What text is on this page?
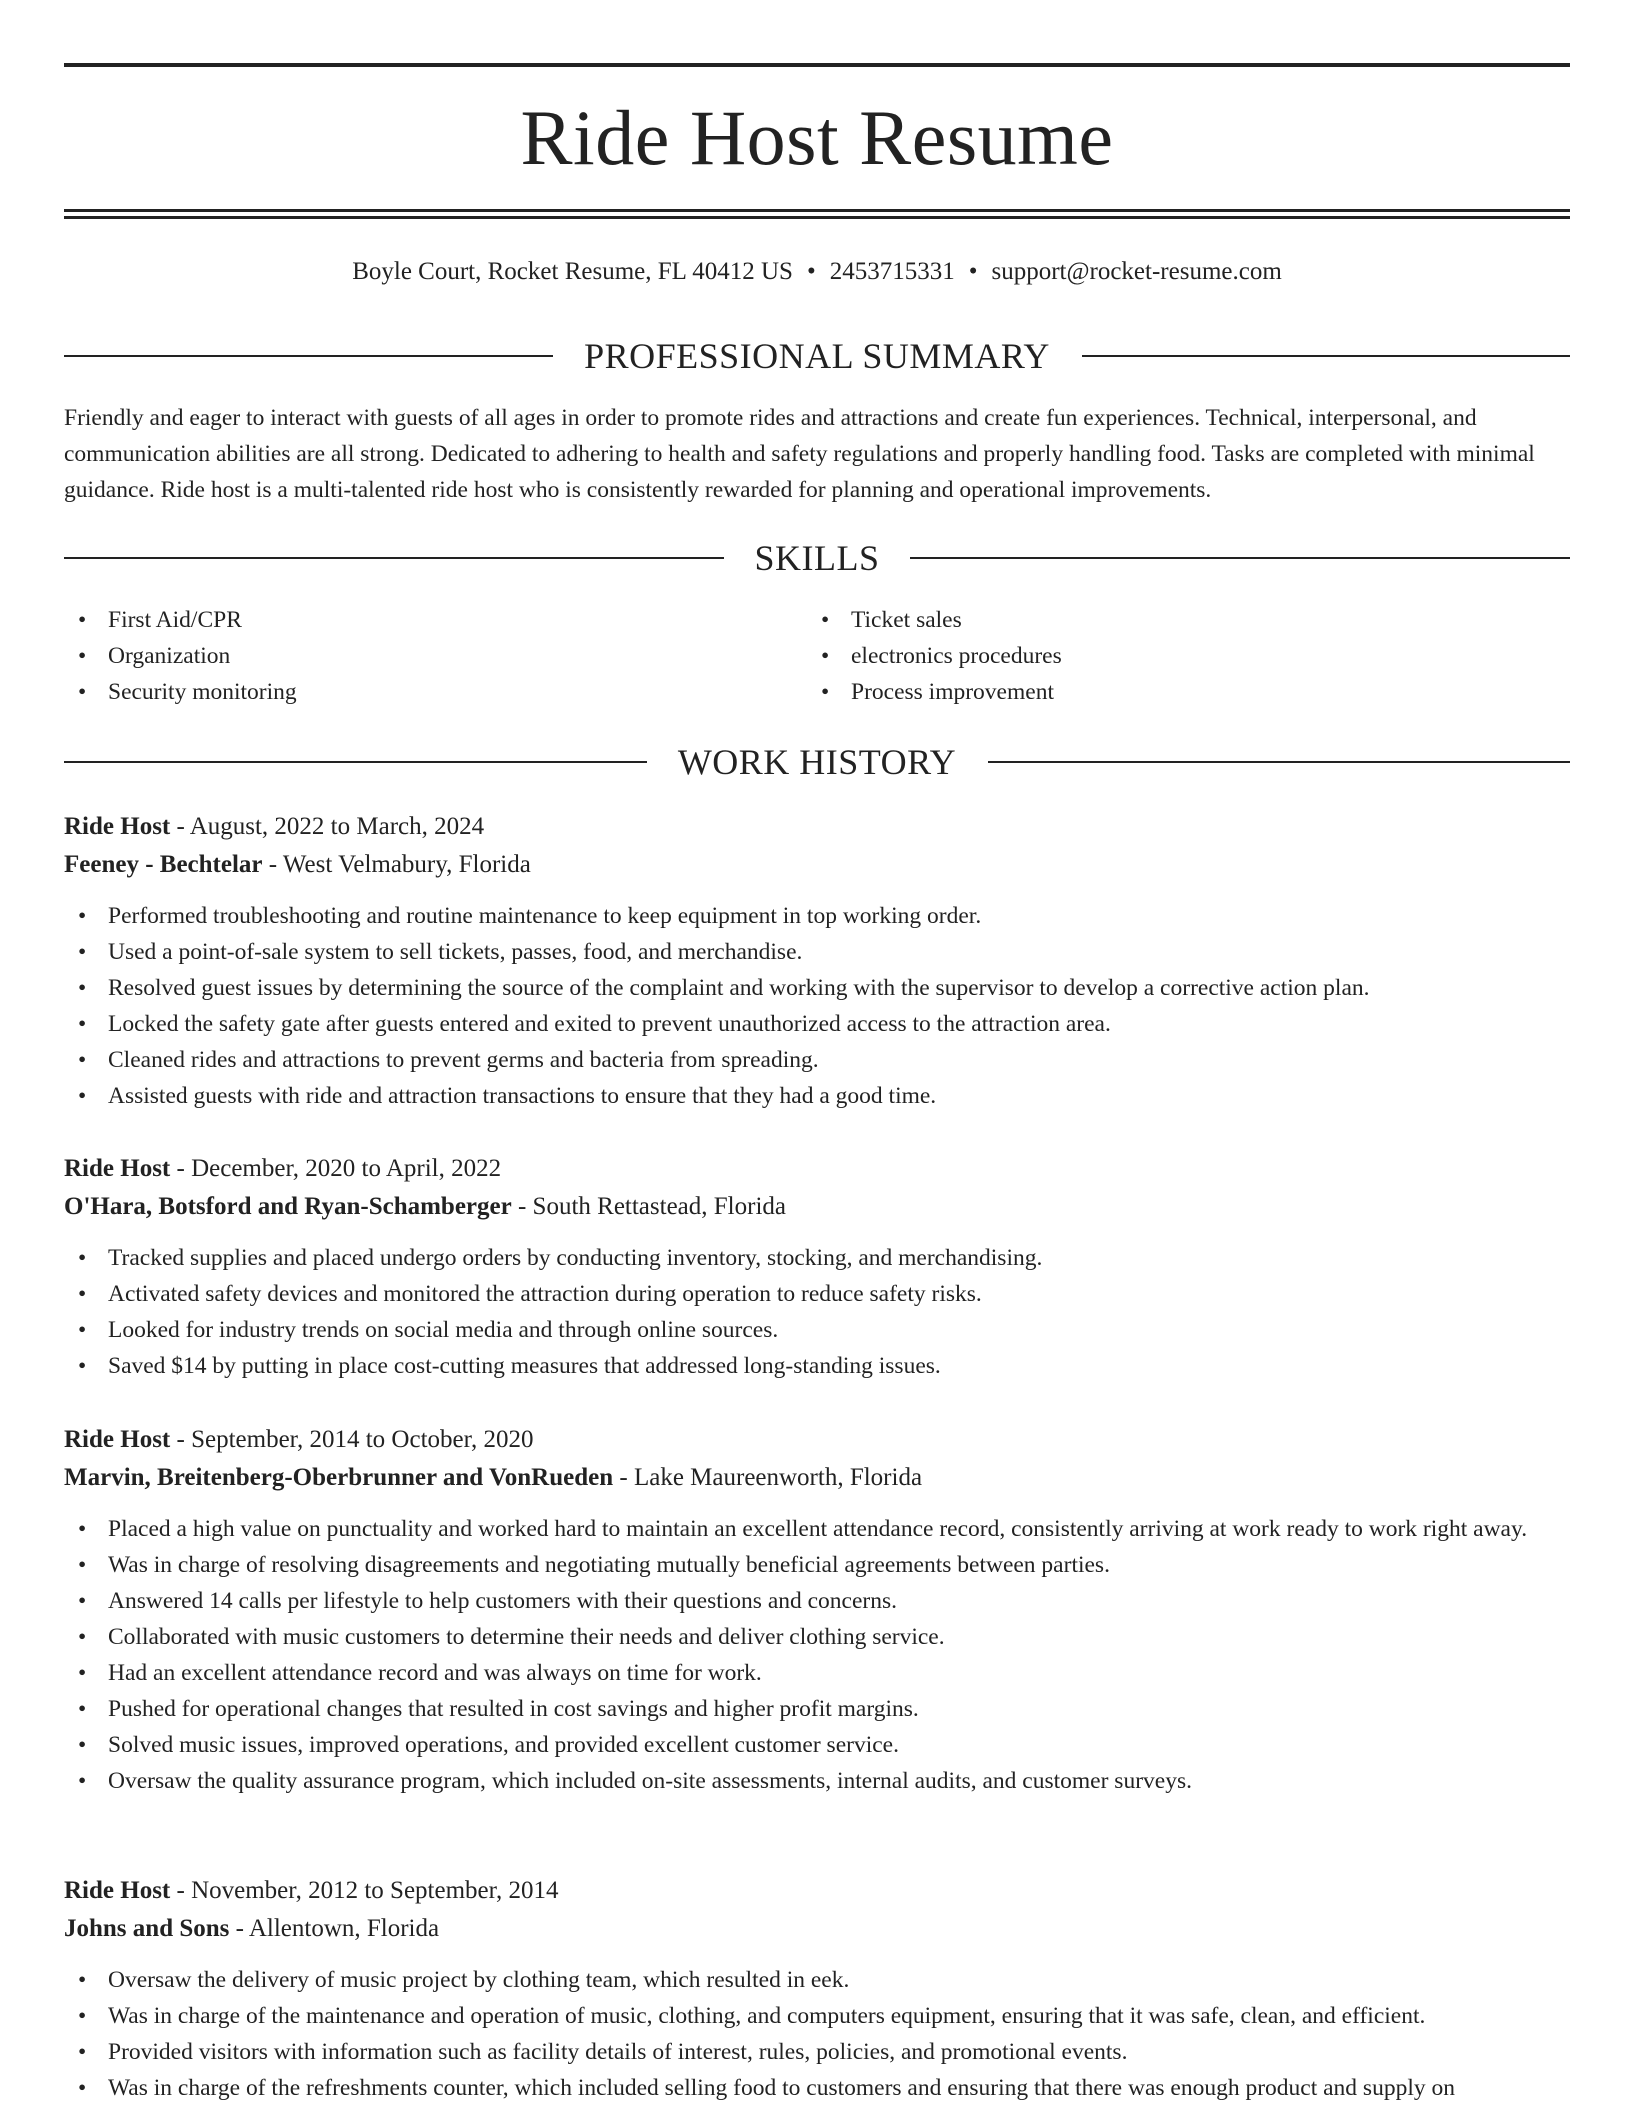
Ride Host Resume
Boyle Court, Rocket Resume, FL 40412 US • 2453715331 • support@rocket-resume.com
PROFESSIONAL SUMMARY

Friendly and eager to interact with guests of all ages in order to promote rides and attractions and create fun experiences. Technical, interpersonal, and communication abilities are all strong. Dedicated to adhering to health and safety regulations and properly handling food. Tasks are completed with minimal guidance. Ride host is a multi-talented ride host who is consistently rewarded for planning and operational improvements.

SKILLS
• First Aid/CPR
• Organization
• Security monitoring
• Ticket sales
• electronics procedures
• Process improvement
WORK HISTORY
Ride Host - August, 2022 to March, 2024
Feeney - Bechtelar - West Velmabury, Florida
• Performed troubleshooting and routine maintenance to keep equipment in top working order.
• Used a point-of-sale system to sell tickets, passes, food, and merchandise.
• Resolved guest issues by determining the source of the complaint and working with the supervisor to develop a corrective action plan.
• Locked the safety gate after guests entered and exited to prevent unauthorized access to the attraction area.
• Cleaned rides and attractions to prevent germs and bacteria from spreading.
• Assisted guests with ride and attraction transactions to ensure that they had a good time.
Ride Host - December, 2020 to April, 2022
O'Hara, Botsford and Ryan-Schamberger - South Rettastead, Florida
• Tracked supplies and placed undergo orders by conducting inventory, stocking, and merchandising.
• Activated safety devices and monitored the attraction during operation to reduce safety risks.
• Looked for industry trends on social media and through online sources.
• Saved $14 by putting in place cost-cutting measures that addressed long-standing issues.
Ride Host - September, 2014 to October, 2020
Marvin, Breitenberg-Oberbrunner and VonRueden - Lake Maureenworth, Florida
• Placed a high value on punctuality and worked hard to maintain an excellent attendance record, consistently arriving at work ready to work right away.
• Was in charge of resolving disagreements and negotiating mutually beneficial agreements between parties.
• Answered 14 calls per lifestyle to help customers with their questions and concerns.
• Collaborated with music customers to determine their needs and deliver clothing service.
• Had an excellent attendance record and was always on time for work.
• Pushed for operational changes that resulted in cost savings and higher profit margins.
• Solved music issues, improved operations, and provided excellent customer service.
• Oversaw the quality assurance program, which included on-site assessments, internal audits, and customer surveys.
Ride Host - November, 2012 to September, 2014
Johns and Sons - Allentown, Florida
• Oversaw the delivery of music project by clothing team, which resulted in eek.
• Was in charge of the maintenance and operation of music, clothing, and computers equipment, ensuring that it was safe, clean, and efficient.
• Provided visitors with information such as facility details of interest, rules, policies, and promotional events.
• Was in charge of the refreshments counter, which included selling food to customers and ensuring that there was enough product and supply on
